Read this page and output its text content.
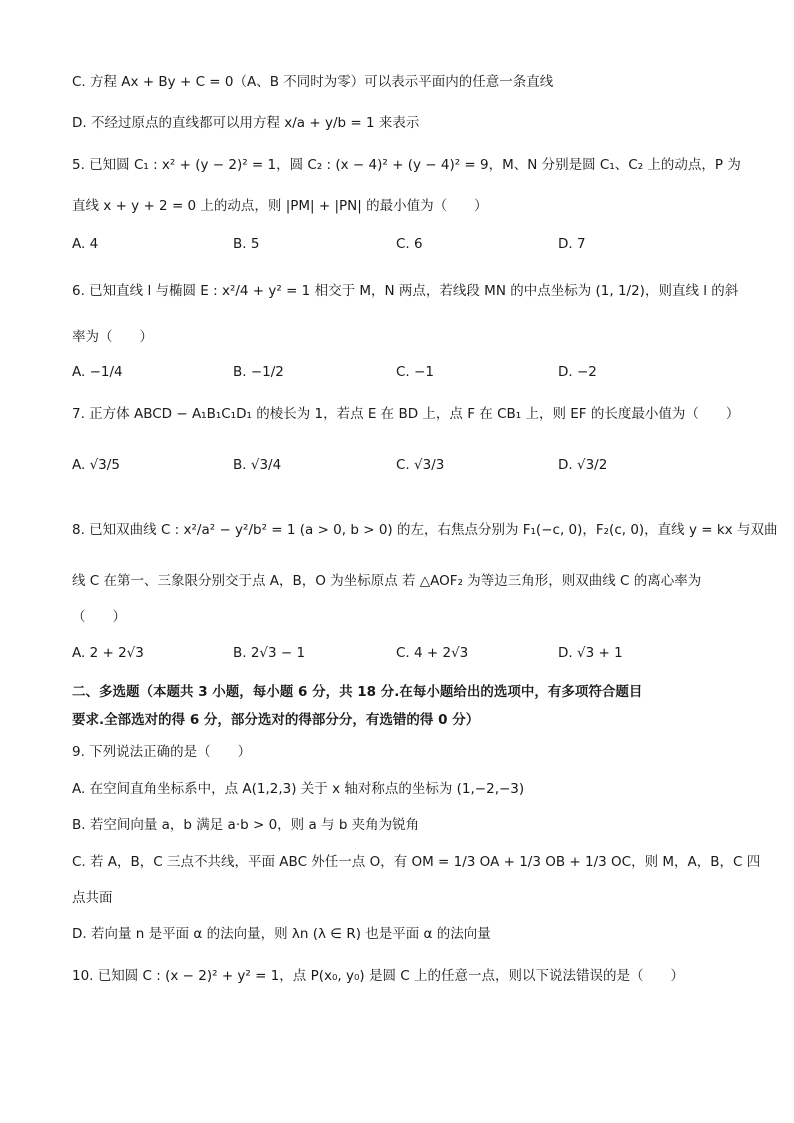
C. 方程 Ax + By + C = 0（A、B 不同时为零）可以表示平面内的任意一条直线
D. 不经过原点的直线都可以用方程 x/a + y/b = 1 来表示
5. 已知圆 C₁ : x² + (y − 2)² = 1，圆 C₂ : (x − 4)² + (y − 4)² = 9，M、N 分别是圆 C₁、C₂ 上的动点，P 为
直线 x + y + 2 = 0 上的动点，则 |PM| + |PN| 的最小值为（　　）
A. 4	B. 5	C. 6	D. 7
6. 已知直线 l 与椭圆 E : x²/4 + y² = 1 相交于 M，N 两点，若线段 MN 的中点坐标为 (1, 1/2)，则直线 l 的斜
率为（　　）
A. −1/4	B. −1/2	C. −1	D. −2
7. 正方体 ABCD − A₁B₁C₁D₁ 的棱长为 1，若点 E 在 BD 上，点 F 在 CB₁ 上，则 EF 的长度最小值为（　　）
A. √3/5	B. √3/4	C. √3/3	D. √3/2
8. 已知双曲线 C : x²/a² − y²/b² = 1 (a > 0, b > 0) 的左，右焦点分别为 F₁(−c, 0)，F₂(c, 0)，直线 y = kx 与双曲
线 C 在第一、三象限分别交于点 A，B，O 为坐标原点 若 △AOF₂ 为等边三角形，则双曲线 C 的离心率为
（　　）
A. 2 + 2√3	B. 2√3 − 1	C. 4 + 2√3	D. √3 + 1
二、多选题（本题共 3 小题，每小题 6 分，共 18 分.在每小题给出的选项中，有多项符合题目
要求.全部选对的得 6 分，部分选对的得部分分，有选错的得 0 分）
9. 下列说法正确的是（　　）
A. 在空间直角坐标系中，点 A(1,2,3) 关于 x 轴对称点的坐标为 (1,−2,−3)
B. 若空间向量 a，b 满足 a·b > 0，则 a 与 b 夹角为锐角
C. 若 A，B，C 三点不共线，平面 ABC 外任一点 O，有 OM = 1/3 OA + 1/3 OB + 1/3 OC，则 M，A，B，C 四
点共面
D. 若向量 n 是平面 α 的法向量，则 λn (λ ∈ R) 也是平面 α 的法向量
10. 已知圆 C : (x − 2)² + y² = 1，点 P(x₀, y₀) 是圆 C 上的任意一点，则以下说法错误的是（　　）
